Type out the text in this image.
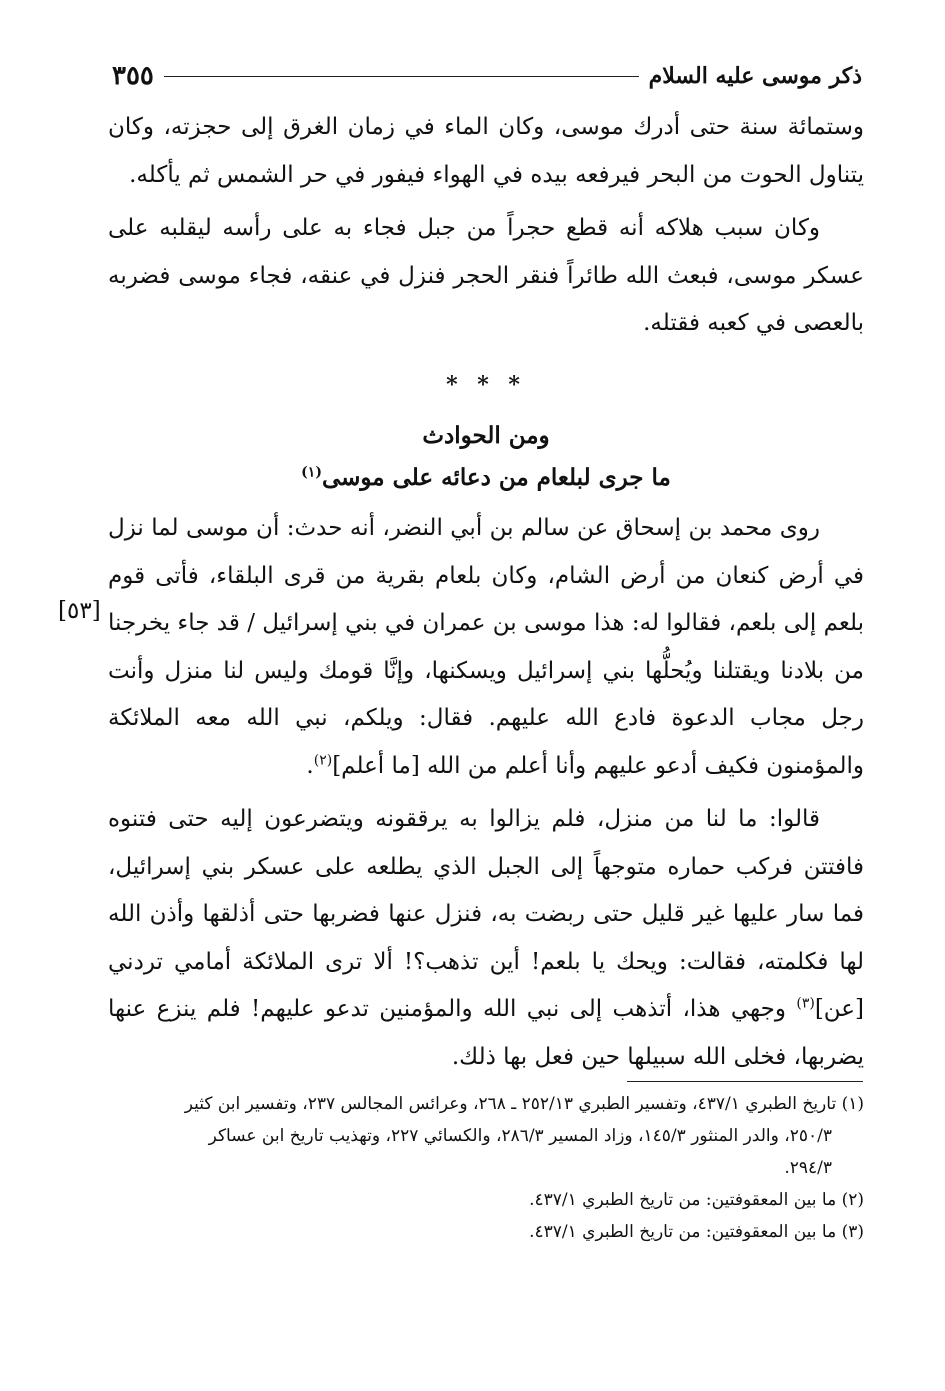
ذكر موسى عليه السلام
٣٥٥

وستمائة سنة حتى أدرك موسى، وكان الماء في زمان الغرق إلى حجزته، وكان يتناول الحوت من البحر فيرفعه بيده في الهواء فيفور في حر الشمس ثم يأكله.

وكان سبب هلاكه أنه قطع حجراً من جبل فجاء به على رأسه ليقلبه على عسكر موسى، فبعث الله طائراً فنقر الحجر فنزل في عنقه، فجاء موسى فضربه بالعصى في كعبه فقتله.

* * *
ومن الحوادث
ما جرى لبلعام من دعائه على موسى$^{(١)}$

روى محمد بن إسحاق عن سالم بن أبي النضر، أنه حدث: أن موسى لما نزل في أرض كنعان من أرض الشام، وكان بلعام بقرية من قرى البلقاء، فأتى قوم بلعم إلى بلعم، فقالوا له: هذا موسى بن عمران في بني إسرائيل / قد جاء يخرجنا من بلادنا ويقتلنا ويُحلُّها بني إسرائيل ويسكنها، وإنَّا قومك وليس لنا منزل وأنت رجل مجاب الدعوة فادع الله عليهم. فقال: ويلكم، نبي الله معه الملائكة والمؤمنون فكيف أدعو عليهم وأنا أعلم من الله [ما أعلم]$^{(٢)}$.

قالوا: ما لنا من منزل، فلم يزالوا به يرققونه ويتضرعون إليه حتى فتنوه فافتتن فركب حماره متوجهاً إلى الجبل الذي يطلعه على عسكر بني إسرائيل، فما سار عليها غير قليل حتى ربضت به، فنزل عنها فضربها حتى أذلقها وأذن الله لها فكلمته، فقالت: ويحك يا بلعم! أين تذهب؟! ألا ترى الملائكة أمامي تردني [عن]$^{(٣)}$ وجهي هذا، أتذهب إلى نبي الله والمؤمنين تدعو عليهم! فلم ينزع عنها يضربها، فخلى الله سبيلها حين فعل بها ذلك.

[٥٣]

(١) تاريخ الطبري ٤٣٧/١، وتفسير الطبري ٢٥٢/١٣ ـ ٢٦٨، وعرائس المجالس ٢٣٧، وتفسير ابن كثير

٢٥٠/٣، والدر المنثور ١٤٥/٣، وزاد المسير ٢٨٦/٣، والكسائي ٢٢٧، وتهذيب تاريخ ابن عساكر

٢٩٤/٣.

(٢) ما بين المعقوفتين: من تاريخ الطبري ٤٣٧/١.

(٣) ما بين المعقوفتين: من تاريخ الطبري ٤٣٧/١.
